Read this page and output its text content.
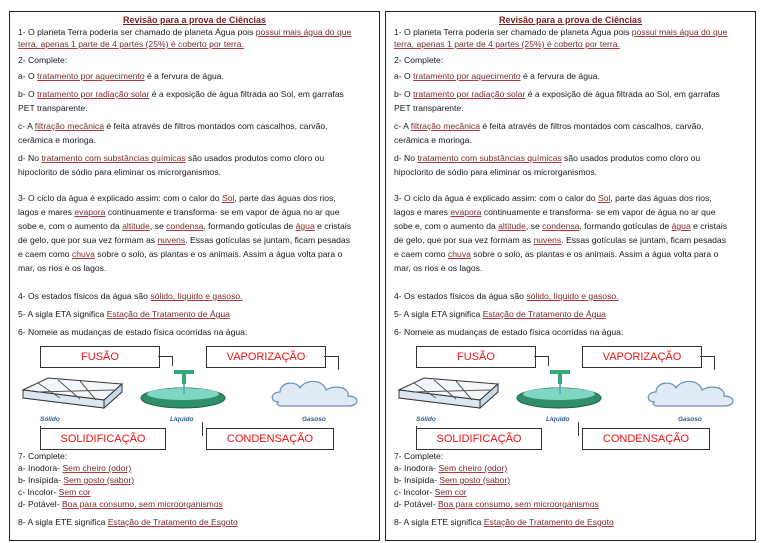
Revisão para a prova de Ciências
1- O planeta Terra poderia ser chamado de planeta Água pois possui mais água do que
terra, apenas 1 parte de 4 partes (25%) é coberto por terra.
2- Complete:
a- O tratamento por aquecimento é a fervura de água.
b- O tratamento por radiação solar é a exposição de água filtrada ao Sol, em garrafas
PET transparente.
c- A filtração mecânica é feita através de filtros montados com cascalhos, carvão,
cerâmica e moringa.
d- No tratamento com substâncias químicas são usados produtos como cloro ou
hipoclorito de sódio para eliminar os microrganismos.
3- O ciclo da água é explicado assim: com o calor do Sol, parte das águas dos rios,
lagos e mares evapora continuamente e transforma- se em vapor de água no ar que
sobe e, com o aumento da altitude, se condensa, formando gotículas de água e cristais
de gelo, que por sua vez formam as nuvens. Essas gotículas se juntam, ficam pesadas
e caem como chuva sobre o solo, as plantas e os animais. Assim a água volta para o
mar, os rios e os lagos.
4- Os estados físicos da água são sólido, líquido e gasoso.
5- A sigla ETA significa Estação de Tratamento de Água
6- Nomeie as mudanças de estado física ocorridas na água:
FUSÃO	VAPORIZAÇÃO
Sólido	Líquido	Gasoso
SOLIDIFICAÇÃO	CONDENSAÇÃO
7- Complete:
a- Inodora- Sem cheiro (odor)
b- Insípida- Sem gosto (sabor)
c- Incolor- Sem cor
d- Potável- Boa para consumo, sem microorganismos
8- A sigla ETE significa Estação de Tratamento de Esgoto
Revisão para a prova de Ciências
1- O planeta Terra poderia ser chamado de planeta Água pois possui mais água do que
terra, apenas 1 parte de 4 partes (25%) é coberto por terra.
2- Complete:
a- O tratamento por aquecimento é a fervura de água.
b- O tratamento por radiação solar é a exposição de água filtrada ao Sol, em garrafas
PET transparente.
c- A filtração mecânica é feita através de filtros montados com cascalhos, carvão,
cerâmica e moringa.
d- No tratamento com substâncias químicas são usados produtos como cloro ou
hipoclorito de sódio para eliminar os microrganismos.
3- O ciclo da água é explicado assim: com o calor do Sol, parte das águas dos rios,
lagos e mares evapora continuamente e transforma- se em vapor de água no ar que
sobe e, com o aumento da altitude, se condensa, formando gotículas de água e cristais
de gelo, que por sua vez formam as nuvens. Essas gotículas se juntam, ficam pesadas
e caem como chuva sobre o solo, as plantas e os animais. Assim a água volta para o
mar, os rios e os lagos.
4- Os estados físicos da água são sólido, líquido e gasoso.
5- A sigla ETA significa Estação de Tratamento de Água
6- Nomeie as mudanças de estado física ocorridas na água:
FUSÃO	VAPORIZAÇÃO
Sólido	Líquido	Gasoso
SOLIDIFICAÇÃO	CONDENSAÇÃO
7- Complete:
a- Inodora- Sem cheiro (odor)
b- Insípida- Sem gosto (sabor)
c- Incolor- Sem cor
d- Potável- Boa para consumo, sem microorganismos
8- A sigla ETE significa Estação de Tratamento de Esgoto
